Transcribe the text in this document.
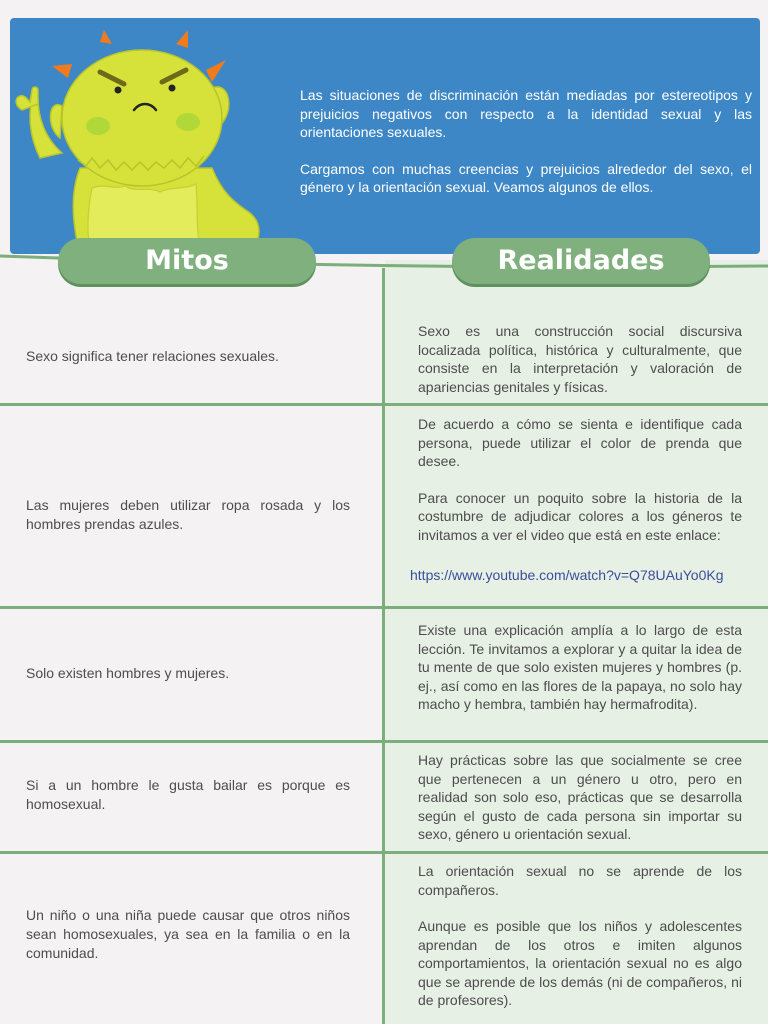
Las situaciones de discriminación están mediadas por estereotipos y prejuicios negativos con respecto a la identidad sexual y las orientaciones sexuales.

Cargamos con muchas creencias y prejuicios alrededor del sexo, el género y la orientación sexual. Veamos algunos de ellos.

Mitos	Realidades
Sexo significa tener relaciones sexuales.

Sexo es una construcción social discursiva localizada política, histórica y culturalmente, que consiste en la interpretación y valoración de apariencias genitales y físicas.

Las mujeres deben utilizar ropa rosada y los hombres prendas azules.

De acuerdo a cómo se sienta e identifique cada persona, puede utilizar el color de prenda que desee.

Para conocer un poquito sobre la historia de la costumbre de adjudicar colores a los géneros te invitamos a ver el video que está en este enlace:

https://www.youtube.com/watch?v=Q78UAuYo0Kg
Solo existen hombres y mujeres.

Existe una explicación amplía a lo largo de esta lección. Te invitamos a explorar y a quitar la idea de tu mente de que solo existen mujeres y hombres (p. ej., así como en las flores de la papaya, no solo hay macho y hembra, también hay hermafrodita).

Si a un hombre le gusta bailar es porque es homosexual.

Hay prácticas sobre las que socialmente se cree que pertenecen a un género u otro, pero en realidad son solo eso, prácticas que se desarrolla según el gusto de cada persona sin importar su sexo, género u orientación sexual.

Un niño o una niña puede causar que otros niños sean homosexuales, ya sea en la familia o en la comunidad.

La orientación sexual no se aprende de los compañeros.

Aunque es posible que los niños y adolescentes aprendan de los otros e imiten algunos comportamientos, la orientación sexual no es algo que se aprende de los demás (ni de compañeros, ni de profesores).
